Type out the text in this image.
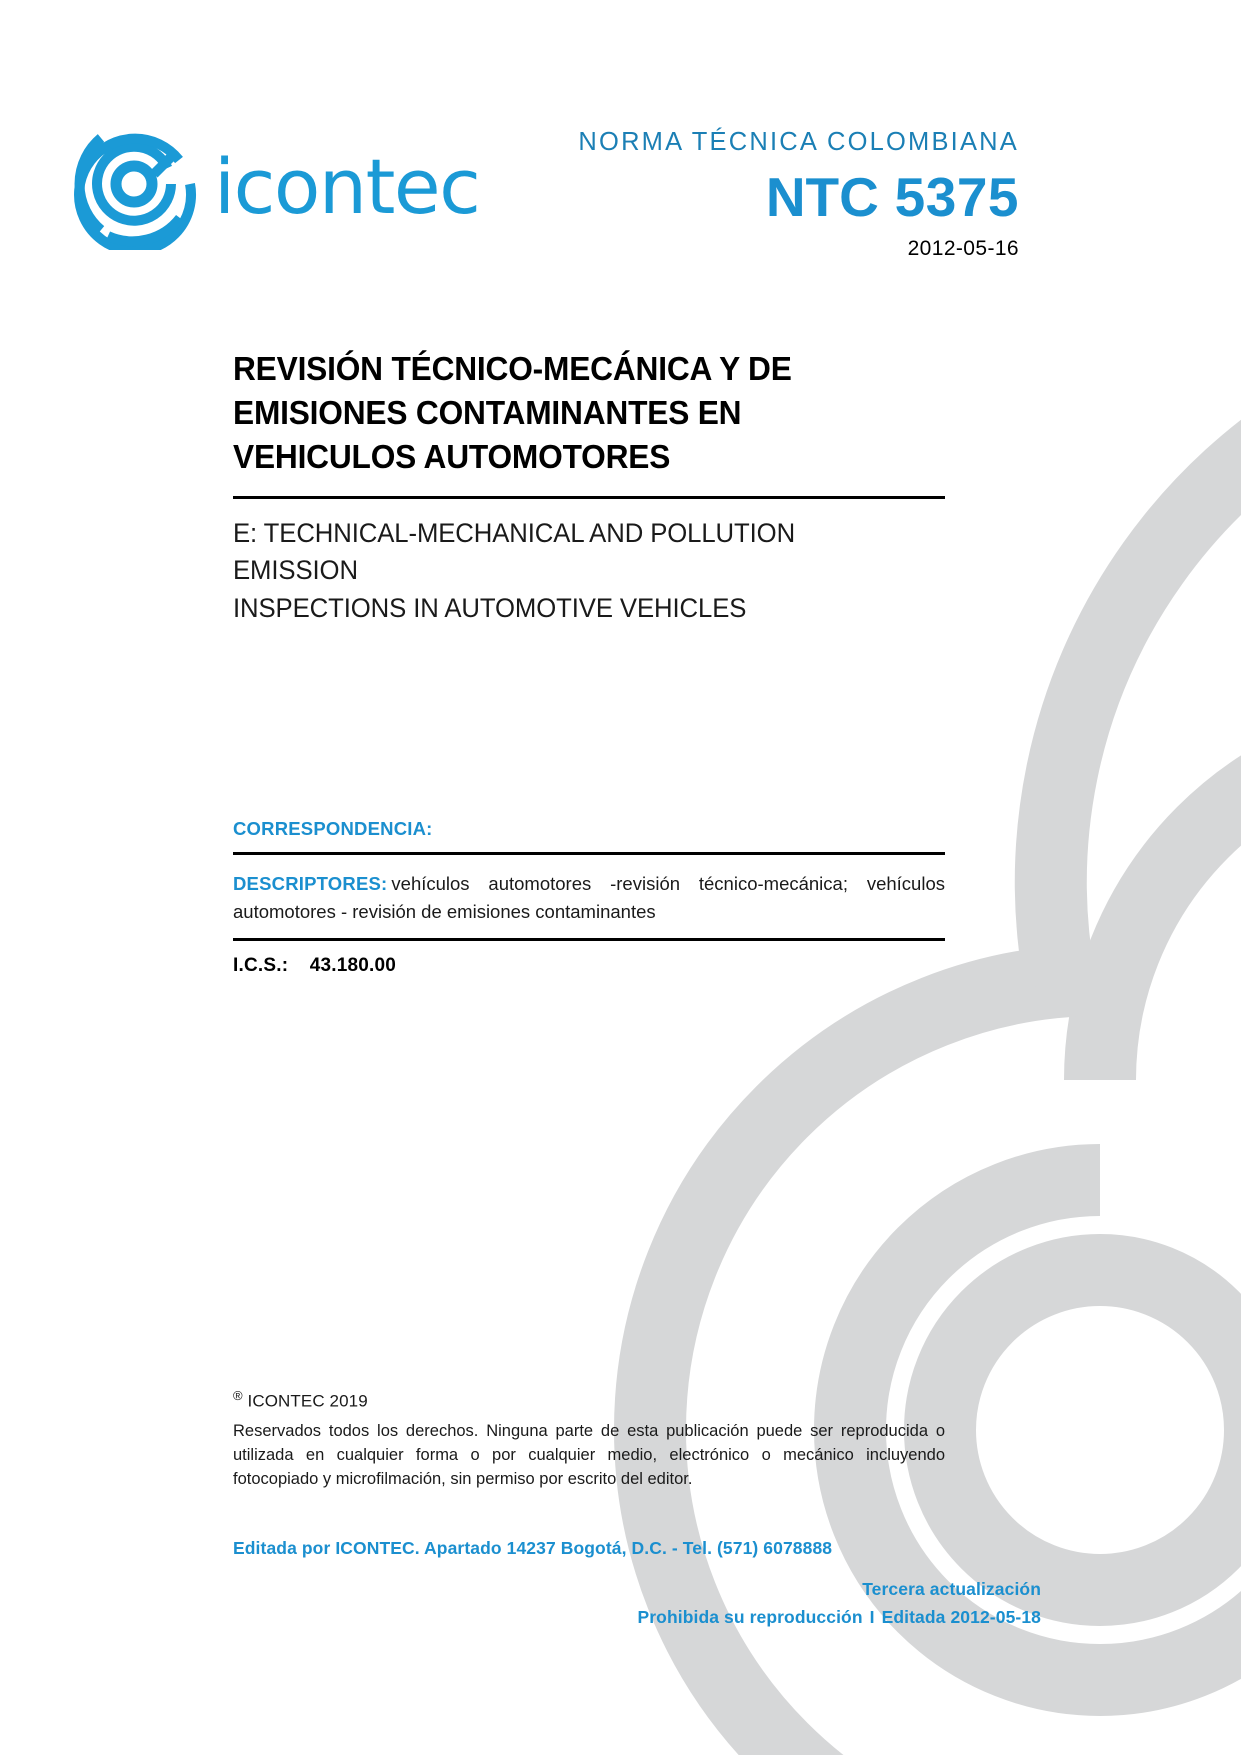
icontec	NORMA TÉCNICA COLOMBIANA
NTC 5375
2012-05-16
REVISIÓN TÉCNICO-MECÁNICA Y DE
EMISIONES CONTAMINANTES EN
VEHICULOS AUTOMOTORES
E: TECHNICAL-MECHANICAL AND POLLUTION EMISSION
INSPECTIONS IN AUTOMOTIVE VEHICLES
CORRESPONDENCIA:
DESCRIPTORES: vehículos automotores -revisión técnico-mecánica; vehículos automotores - revisión de emisiones contaminantes
I.C.S.: 43.180.00
® ICONTEC 2019
Reservados todos los derechos. Ninguna parte de esta publicación puede ser reproducida o utilizada en cualquier forma o por cualquier medio, electrónico o mecánico incluyendo fotocopiado y microfilmación, sin permiso por escrito del editor.
Editada por ICONTEC. Apartado 14237 Bogotá, D.C. - Tel. (571) 6078888
Tercera actualización
Prohibida su reproducción I Editada 2012-05-18
